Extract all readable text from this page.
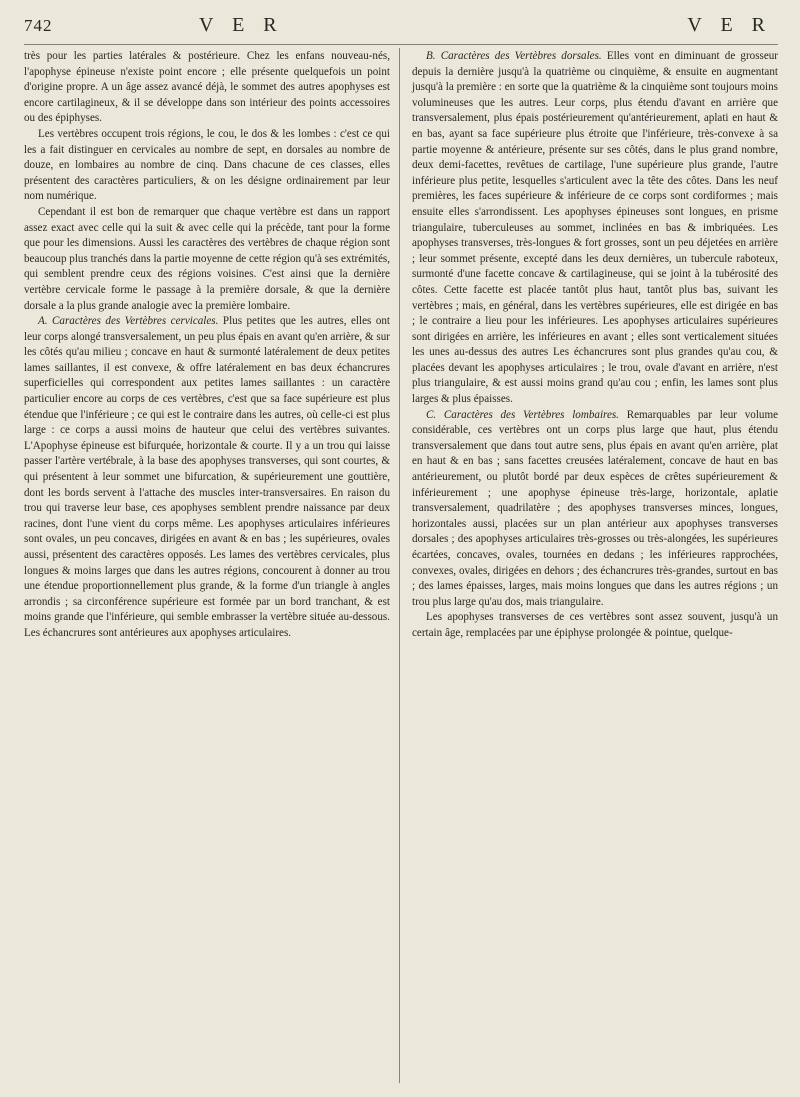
742	V E R	V E R

très pour les parties latérales & postérieure. Chez les enfans nouveau-nés, l'apophyse épineuse n'existe point encore ; elle présente quelquefois un point d'origine propre. A un âge assez avancé déjà, le sommet des autres apophyses est encore cartilagineux, & il se développe dans son intérieur des points accessoires ou des épiphyses.

Les vertèbres occupent trois régions, le cou, le dos & les lombes : c'est ce qui les a fait distinguer en cervicales au nombre de sept, en dorsales au nombre de douze, en lombaires au nombre de cinq. Dans chacune de ces classes, elles présentent des caractères particuliers, & on les désigne ordinairement par leur nom numérique.

Cependant il est bon de remarquer que chaque vertèbre est dans un rapport assez exact avec celle qui la suit & avec celle qui la précède, tant pour la forme que pour les dimensions. Aussi les caractères des vertèbres de chaque région sont beaucoup plus tranchés dans la partie moyenne de cette région qu'à ses extrémités, qui semblent prendre ceux des régions voisines. C'est ainsi que la dernière vertèbre cervicale forme le passage à la première dorsale, & que la dernière dorsale a la plus grande analogie avec la première lombaire.

A. Caractères des Vertèbres cervicales. Plus petites que les autres, elles ont leur corps alongé transversalement, un peu plus épais en avant qu'en arrière, & sur les côtés qu'au milieu ; concave en haut & surmonté latéralement de deux petites lames saillantes, il est convexe, & offre latéralement en bas deux échancrures superficielles qui correspondent aux petites lames saillantes : un caractère particulier encore au corps de ces vertèbres, c'est que sa face supérieure est plus étendue que l'inférieure ; ce qui est le contraire dans les autres, où celle-ci est plus large : ce corps a aussi moins de hauteur que celui des vertèbres suivantes. L'Apophyse épineuse est bifurquée, horizontale & courte. Il y a un trou qui laisse passer l'artère vertébrale, à la base des apophyses transverses, qui sont courtes, & qui présentent à leur sommet une bifurcation, & supérieurement une gouttière, dont les bords servent à l'attache des muscles inter-transversaires. En raison du trou qui traverse leur base, ces apophyses semblent prendre naissance par deux racines, dont l'une vient du corps même. Les apophyses articulaires inférieures sont ovales, un peu concaves, dirigées en avant & en bas ; les supérieures, ovales aussi, présentent des caractères opposés. Les lames des vertèbres cervicales, plus longues & moins larges que dans les autres régions, concourent à donner au trou une étendue proportionnellement plus grande, & la forme d'un triangle à angles arrondis ; sa circonférence supérieure est formée par un bord tranchant, & est moins grande que l'inférieure, qui semble embrasser la vertèbre située au-dessous. Les échancrures sont antérieures aux apophyses articulaires.

B. Caractères des Vertèbres dorsales. Elles vont en diminuant de grosseur depuis la dernière jusqu'à la quatrième ou cinquième, & ensuite en augmentant jusqu'à la première : en sorte que la quatrième & la cinquième sont toujours moins volumineuses que les autres. Leur corps, plus étendu d'avant en arrière que transversalement, plus épais postérieurement qu'antérieurement, aplati en haut & en bas, ayant sa face supérieure plus étroite que l'inférieure, très-convexe à sa partie moyenne & antérieure, présente sur ses côtés, dans le plus grand nombre, deux demi-facettes, revêtues de cartilage, l'une supérieure plus grande, l'autre inférieure plus petite, lesquelles s'articulent avec la tête des côtes. Dans les neuf premières, les faces supérieure & inférieure de ce corps sont cordiformes ; mais ensuite elles s'arrondissent. Les apophyses épineuses sont longues, en prisme triangulaire, tuberculeuses au sommet, inclinées en bas & imbriquées. Les apophyses transverses, très-longues & fort grosses, sont un peu déjetées en arrière ; leur sommet présente, excepté dans les deux dernières, un tubercule raboteux, surmonté d'une facette concave & cartilagineuse, qui se joint à la tubérosité des côtes. Cette facette est placée tantôt plus haut, tantôt plus bas, suivant les vertèbres ; mais, en général, dans les vertèbres supérieures, elle est dirigée en bas ; le contraire a lieu pour les inférieures. Les apophyses articulaires supérieures sont dirigées en arrière, les inférieures en avant ; elles sont verticalement situées les unes au-dessus des autres Les échancrures sont plus grandes qu'au cou, & placées devant les apophyses articulaires ; le trou, ovale d'avant en arrière, n'est plus triangulaire, & est aussi moins grand qu'au cou ; enfin, les lames sont plus larges & plus épaisses.

C. Caractères des Vertèbres lombaires. Remarquables par leur volume considérable, ces vertèbres ont un corps plus large que haut, plus étendu transversalement que dans tout autre sens, plus épais en avant qu'en arrière, plat en haut & en bas ; sans facettes creusées latéralement, concave de haut en bas antérieurement, ou plutôt bordé par deux espèces de crêtes supérieurement & inférieurement ; une apophyse épineuse très-large, horizontale, aplatie transversalement, quadrilatère ; des apophyses transverses minces, longues, horizontales aussi, placées sur un plan antérieur aux apophyses transverses dorsales ; des apophyses articulaires très-grosses ou très-alongées, les supérieures écartées, concaves, ovales, tournées en dedans ; les inférieures rapprochées, convexes, ovales, dirigées en dehors ; des échancrures très-grandes, surtout en bas ; des lames épaisses, larges, mais moins longues que dans les autres régions ; un trou plus large qu'au dos, mais triangulaire.

Les apophyses transverses de ces vertèbres sont assez souvent, jusqu'à un certain âge, remplacées par une épiphyse prolongée & pointue, quelque-
